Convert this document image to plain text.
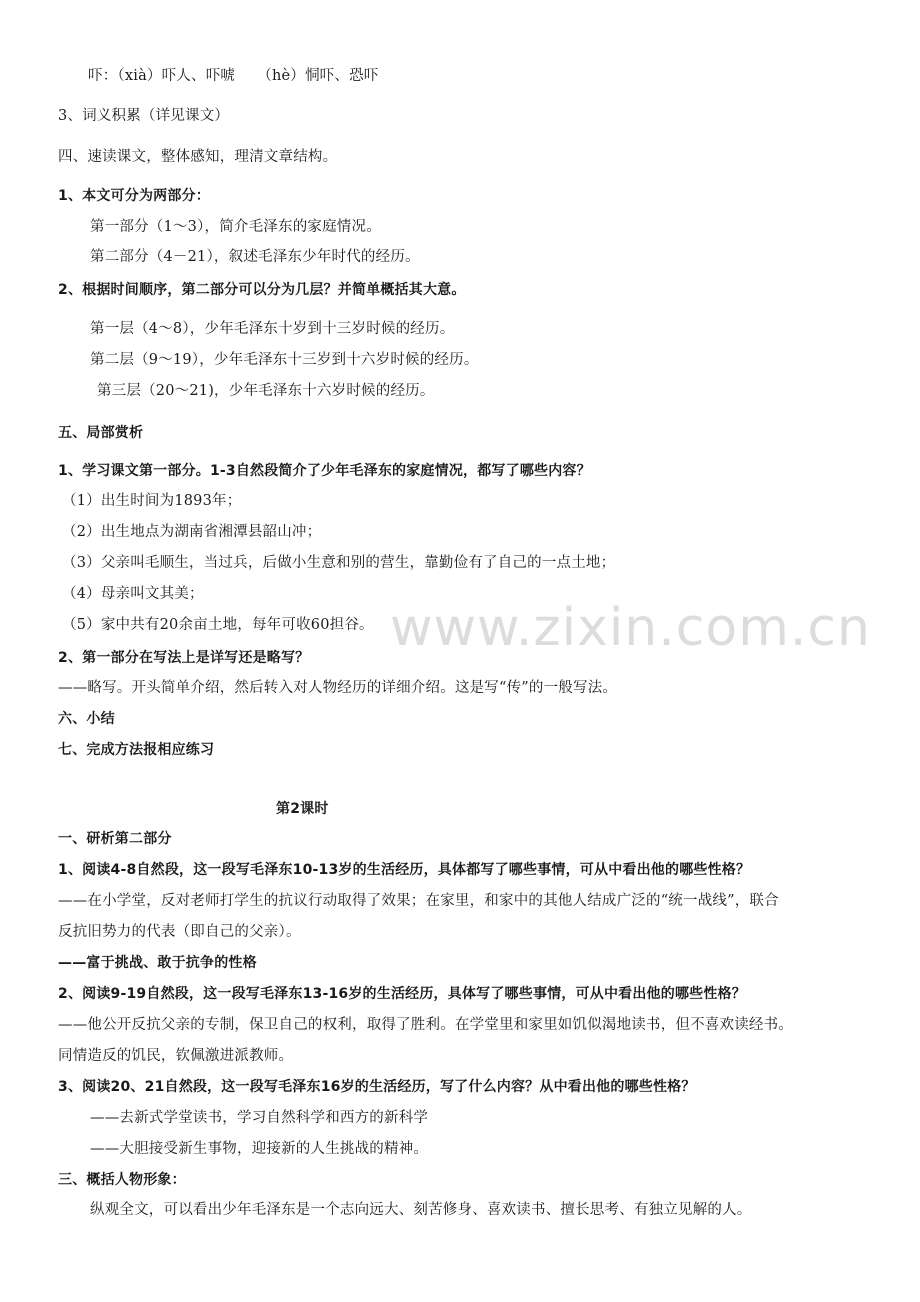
www.zixin.com.cn
吓：（xià）吓人、吓唬　　（hè）恫吓、恐吓
3、词义积累（详见课文）
四、速读课文，整体感知，理清文章结构。
1、本文可分为两部分：
第一部分（1～3），简介毛泽东的家庭情况。
第二部分（4－21），叙述毛泽东少年时代的经历。
2、根据时间顺序，第二部分可以分为几层？并简单概括其大意。
第一层（4～8），少年毛泽东十岁到十三岁时候的经历。
第二层（9～19），少年毛泽东十三岁到十六岁时候的经历。
第三层（20～21)，少年毛泽东十六岁时候的经历。
五、局部赏析
1、学习课文第一部分。1-3自然段简介了少年毛泽东的家庭情况，都写了哪些内容？
（1）出生时间为1893年；
（2）出生地点为湖南省湘潭县韶山冲；
（3）父亲叫毛顺生，当过兵，后做小生意和别的营生，靠勤俭有了自己的一点土地；
（4）母亲叫文其美；
（5）家中共有20余亩土地，每年可收60担谷。
2、第一部分在写法上是详写还是略写？
——略写。开头简单介绍，然后转入对人物经历的详细介绍。这是写“传”的一般写法。
六、小结
七、完成方法报相应练习
第2课时
一、研析第二部分
1、阅读4-8自然段，这一段写毛泽东10-13岁的生活经历，具体都写了哪些事情，可从中看出他的哪些性格？
——在小学堂，反对老师打学生的抗议行动取得了效果；在家里，和家中的其他人结成广泛的“统一战线”，联合
反抗旧势力的代表（即自己的父亲）。
——富于挑战、敢于抗争的性格
2、阅读9-19自然段，这一段写毛泽东13-16岁的生活经历，具体写了哪些事情，可从中看出他的哪些性格？
——他公开反抗父亲的专制，保卫自己的权利，取得了胜利。在学堂里和家里如饥似渴地读书，但不喜欢读经书。
同情造反的饥民，钦佩激进派教师。
3、阅读20、21自然段，这一段写毛泽东16岁的生活经历，写了什么内容？从中看出他的哪些性格？
——去新式学堂读书，学习自然科学和西方的新科学
——大胆接受新生事物，迎接新的人生挑战的精神。
三、概括人物形象：
纵观全文，可以看出少年毛泽东是一个志向远大、刻苦修身、喜欢读书、擅长思考、有独立见解的人。
